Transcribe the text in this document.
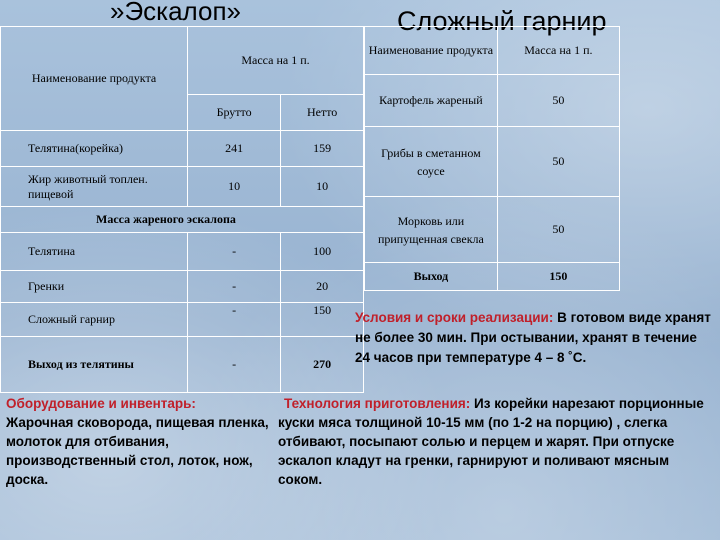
»Эскалоп»	Сложный гарнир
Наименование продукта	Масса на 1 п.	
	Брутто	Нетто
Телятина(корейка)	241	159
Жир животный топлен. пищевой	10	10
Масса жареного эскалопа		
Телятина	-	100
Гренки	-	20
Сложный гарнир	-	150
Выход из телятины	-	270
Наименование продукта	Масса на 1 п.
Картофель жареный	50
Грибы в сметанном соусе	50
Морковь или припущенная свекла	50
Выход	150
Условия и сроки реализации: В готовом виде хранят не более 30 мин. При остывании, хранят в течение 24 часов при температуре 4 – 8 ˚С.
Оборудование и инвентарь:
Жарочная сковорода, пищевая пленка, молоток для отбивания, производственный стол, лоток, нож, доска.
Технология приготовления: Из корейки нарезают порционные куски мяса толщиной 10-15 мм (по 1-2 на порцию) , слегка отбивают, посыпают солью и перцем и жарят. При отпуске эскалоп кладут на гренки, гарнируют и поливают мясным соком.
